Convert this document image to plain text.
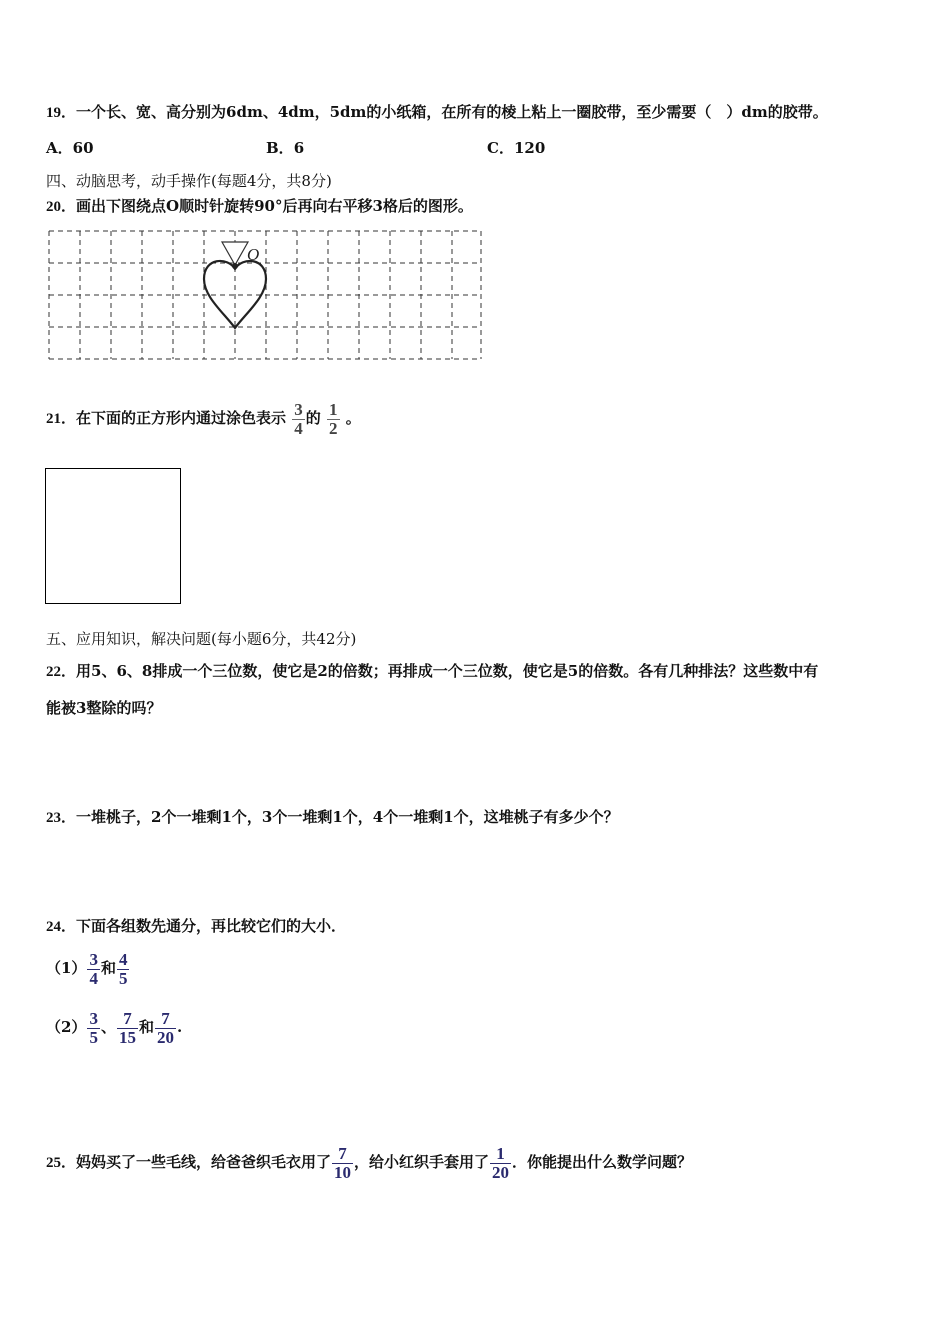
19．一个长、宽、高分别为6dm、4dm，5dm的小纸箱，在所有的棱上粘上一圈胶带，至少需要（　）dm的胶带。
A．60	B．6	C．120
四、动脑思考，动手操作(每题4分，共8分)
20．画出下图绕点O顺时针旋转90°后再向右平移3格后的图形。
O
21．在下面的正方形内通过涂色表示 $\frac{3}{4}$ 的 $\frac{1}{2}$ 。
五、应用知识，解决问题(每小题6分，共42分)
22．用5、6、8排成一个三位数，使它是2的倍数；再排成一个三位数，使它是5的倍数。各有几种排法？这些数中有
能被3整除的吗？
23．一堆桃子，2个一堆剩1个，3个一堆剩1个，4个一堆剩1个，这堆桃子有多少个？
24．下面各组数先通分，再比较它们的大小．
$(1) \frac{3}{4}$ 和 $\frac{4}{5}$
$(2) \frac{3}{5}$ 、 $\frac{7}{15}$ 和 $\frac{7}{20}$ .
25．妈妈买了一些毛线，给爸爸织毛衣用了 $\frac{7}{10}$ ，给小红织手套用了 $\frac{1}{20}$ ．你能提出什么数学问题？
